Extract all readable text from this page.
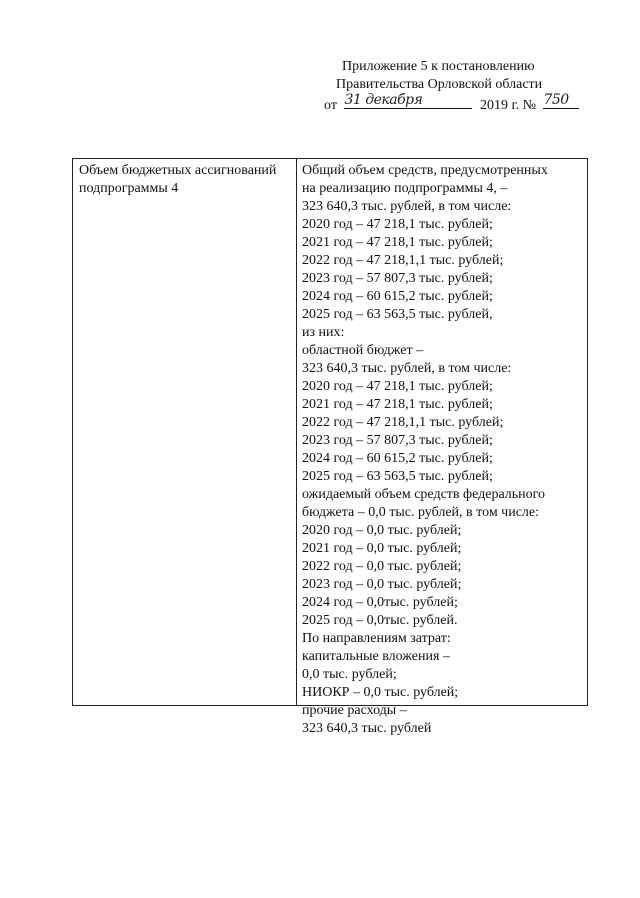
Приложение 5 к постановлению
Правительства Орловской области
от 31 декабря	2019 г. № 750
Объем бюджетных ассигнований подпрограммы 4
Общий объем средств, предусмотренных
на реализацию подпрограммы 4, –
323 640,3 тыс. рублей, в том числе:
2020 год – 47 218,1 тыс. рублей;
2021 год – 47 218,1 тыс. рублей;
2022 год – 47 218,1,1 тыс. рублей;
2023 год – 57 807,3 тыс. рублей;
2024 год – 60 615,2 тыс. рублей;
2025 год – 63 563,5 тыс. рублей,
из них:
областной бюджет –
323 640,3 тыс. рублей, в том числе:
2020 год – 47 218,1 тыс. рублей;
2021 год – 47 218,1 тыс. рублей;
2022 год – 47 218,1,1 тыс. рублей;
2023 год – 57 807,3 тыс. рублей;
2024 год – 60 615,2 тыс. рублей;
2025 год – 63 563,5 тыс. рублей;
ожидаемый объем средств федерального
бюджета – 0,0 тыс. рублей, в том числе:
2020 год – 0,0 тыс. рублей;
2021 год – 0,0 тыс. рублей;
2022 год – 0,0 тыс. рублей;
2023 год – 0,0 тыс. рублей;
2024 год – 0,0тыс. рублей;
2025 год – 0,0тыс. рублей.
По направлениям затрат:
капитальные вложения –
0,0 тыс. рублей;
НИОКР – 0,0 тыс. рублей;
прочие расходы –
323 640,3 тыс. рублей
